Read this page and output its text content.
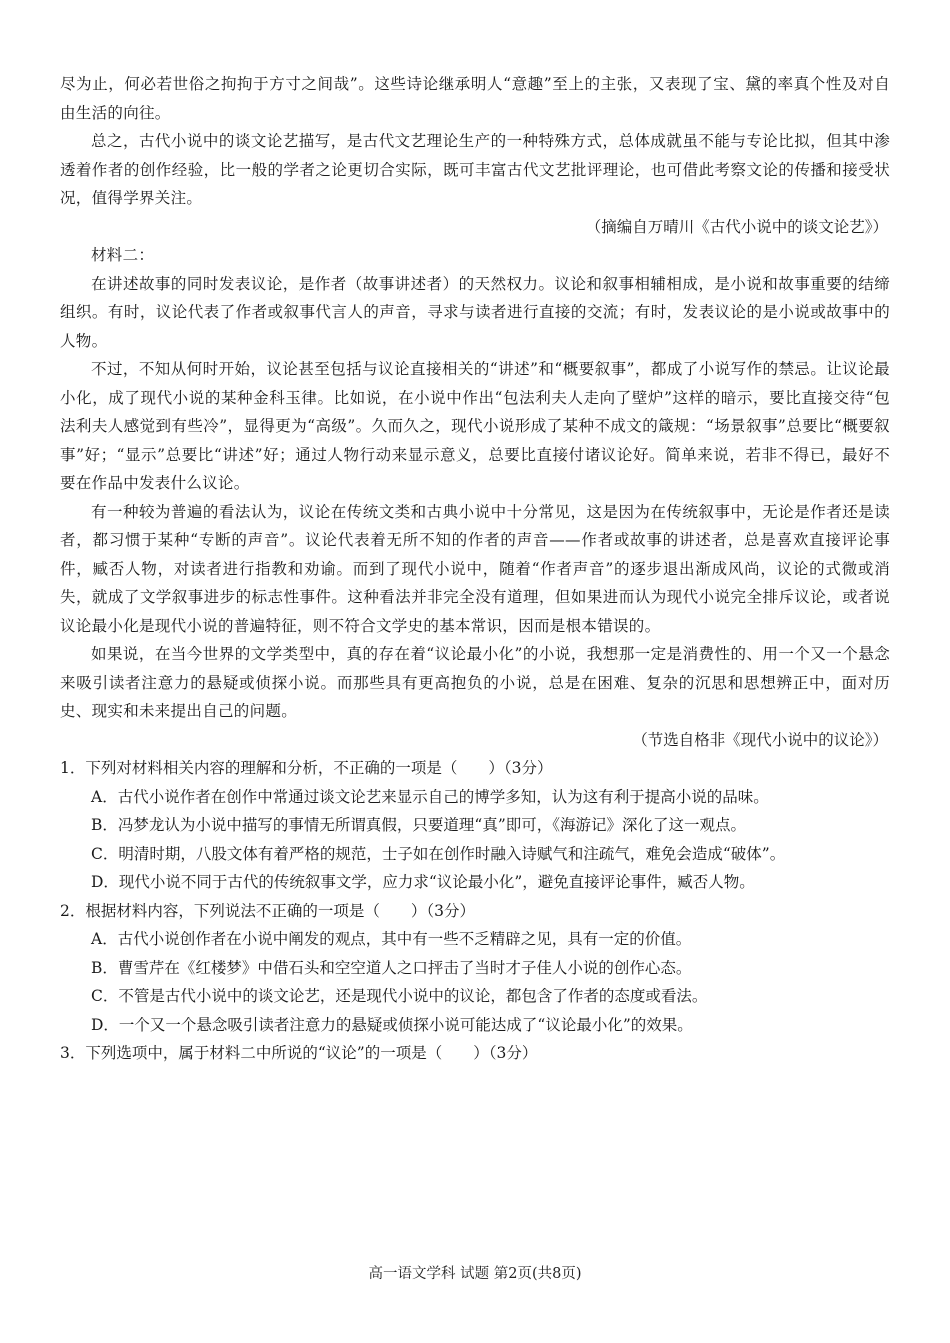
尽为止，何必若世俗之拘拘于方寸之间哉”。这些诗论继承明人“意趣”至上的主张，又表现了宝、黛的率真个性及对自由生活的向往。

总之，古代小说中的谈文论艺描写，是古代文艺理论生产的一种特殊方式，总体成就虽不能与专论比拟，但其中渗透着作者的创作经验，比一般的学者之论更切合实际，既可丰富古代文艺批评理论，也可借此考察文论的传播和接受状况，值得学界关注。

（摘编自万晴川《古代小说中的谈文论艺》）

材料二：

在讲述故事的同时发表议论，是作者（故事讲述者）的天然权力。议论和叙事相辅相成，是小说和故事重要的结缔组织。有时，议论代表了作者或叙事代言人的声音，寻求与读者进行直接的交流；有时，发表议论的是小说或故事中的人物。

不过，不知从何时开始，议论甚至包括与议论直接相关的“讲述”和“概要叙事”，都成了小说写作的禁忌。让议论最小化，成了现代小说的某种金科玉律。比如说，在小说中作出“包法利夫人走向了壁炉”这样的暗示，要比直接交待“包法利夫人感觉到有些冷”，显得更为“高级”。久而久之，现代小说形成了某种不成文的箴规：“场景叙事”总要比“概要叙事”好；“显示”总要比“讲述”好；通过人物行动来显示意义，总要比直接付诸议论好。简单来说，若非不得已，最好不要在作品中发表什么议论。

有一种较为普遍的看法认为，议论在传统文类和古典小说中十分常见，这是因为在传统叙事中，无论是作者还是读者，都习惯于某种“专断的声音”。议论代表着无所不知的作者的声音——作者或故事的讲述者，总是喜欢直接评论事件，臧否人物，对读者进行指教和劝谕。而到了现代小说中，随着“作者声音”的逐步退出渐成风尚，议论的式微或消失，就成了文学叙事进步的标志性事件。这种看法并非完全没有道理，但如果进而认为现代小说完全排斥议论，或者说议论最小化是现代小说的普遍特征，则不符合文学史的基本常识，因而是根本错误的。

如果说，在当今世界的文学类型中，真的存在着“议论最小化”的小说，我想那一定是消费性的、用一个又一个悬念来吸引读者注意力的悬疑或侦探小说。而那些具有更高抱负的小说，总是在困难、复杂的沉思和思想辨正中，面对历史、现实和未来提出自己的问题。

（节选自格非《现代小说中的议论》）

1．下列对材料相关内容的理解和分析，不正确的一项是（　　）（3分）

A．古代小说作者在创作中常通过谈文论艺来显示自己的博学多知，认为这有利于提高小说的品味。

B．冯梦龙认为小说中描写的事情无所谓真假，只要道理“真”即可，《海游记》深化了这一观点。

C．明清时期，八股文体有着严格的规范，士子如在创作时融入诗赋气和注疏气，难免会造成“破体”。

D．现代小说不同于古代的传统叙事文学，应力求“议论最小化”，避免直接评论事件，臧否人物。

2．根据材料内容，下列说法不正确的一项是（　　）（3分）

A．古代小说创作者在小说中阐发的观点，其中有一些不乏精辟之见，具有一定的价值。

B．曹雪芹在《红楼梦》中借石头和空空道人之口抨击了当时才子佳人小说的创作心态。

C．不管是古代小说中的谈文论艺，还是现代小说中的议论，都包含了作者的态度或看法。

D．一个又一个悬念吸引读者注意力的悬疑或侦探小说可能达成了“议论最小化”的效果。

3．下列选项中，属于材料二中所说的“议论”的一项是（　　）（3分）

高一语文学科 试题 第2页(共8页)
